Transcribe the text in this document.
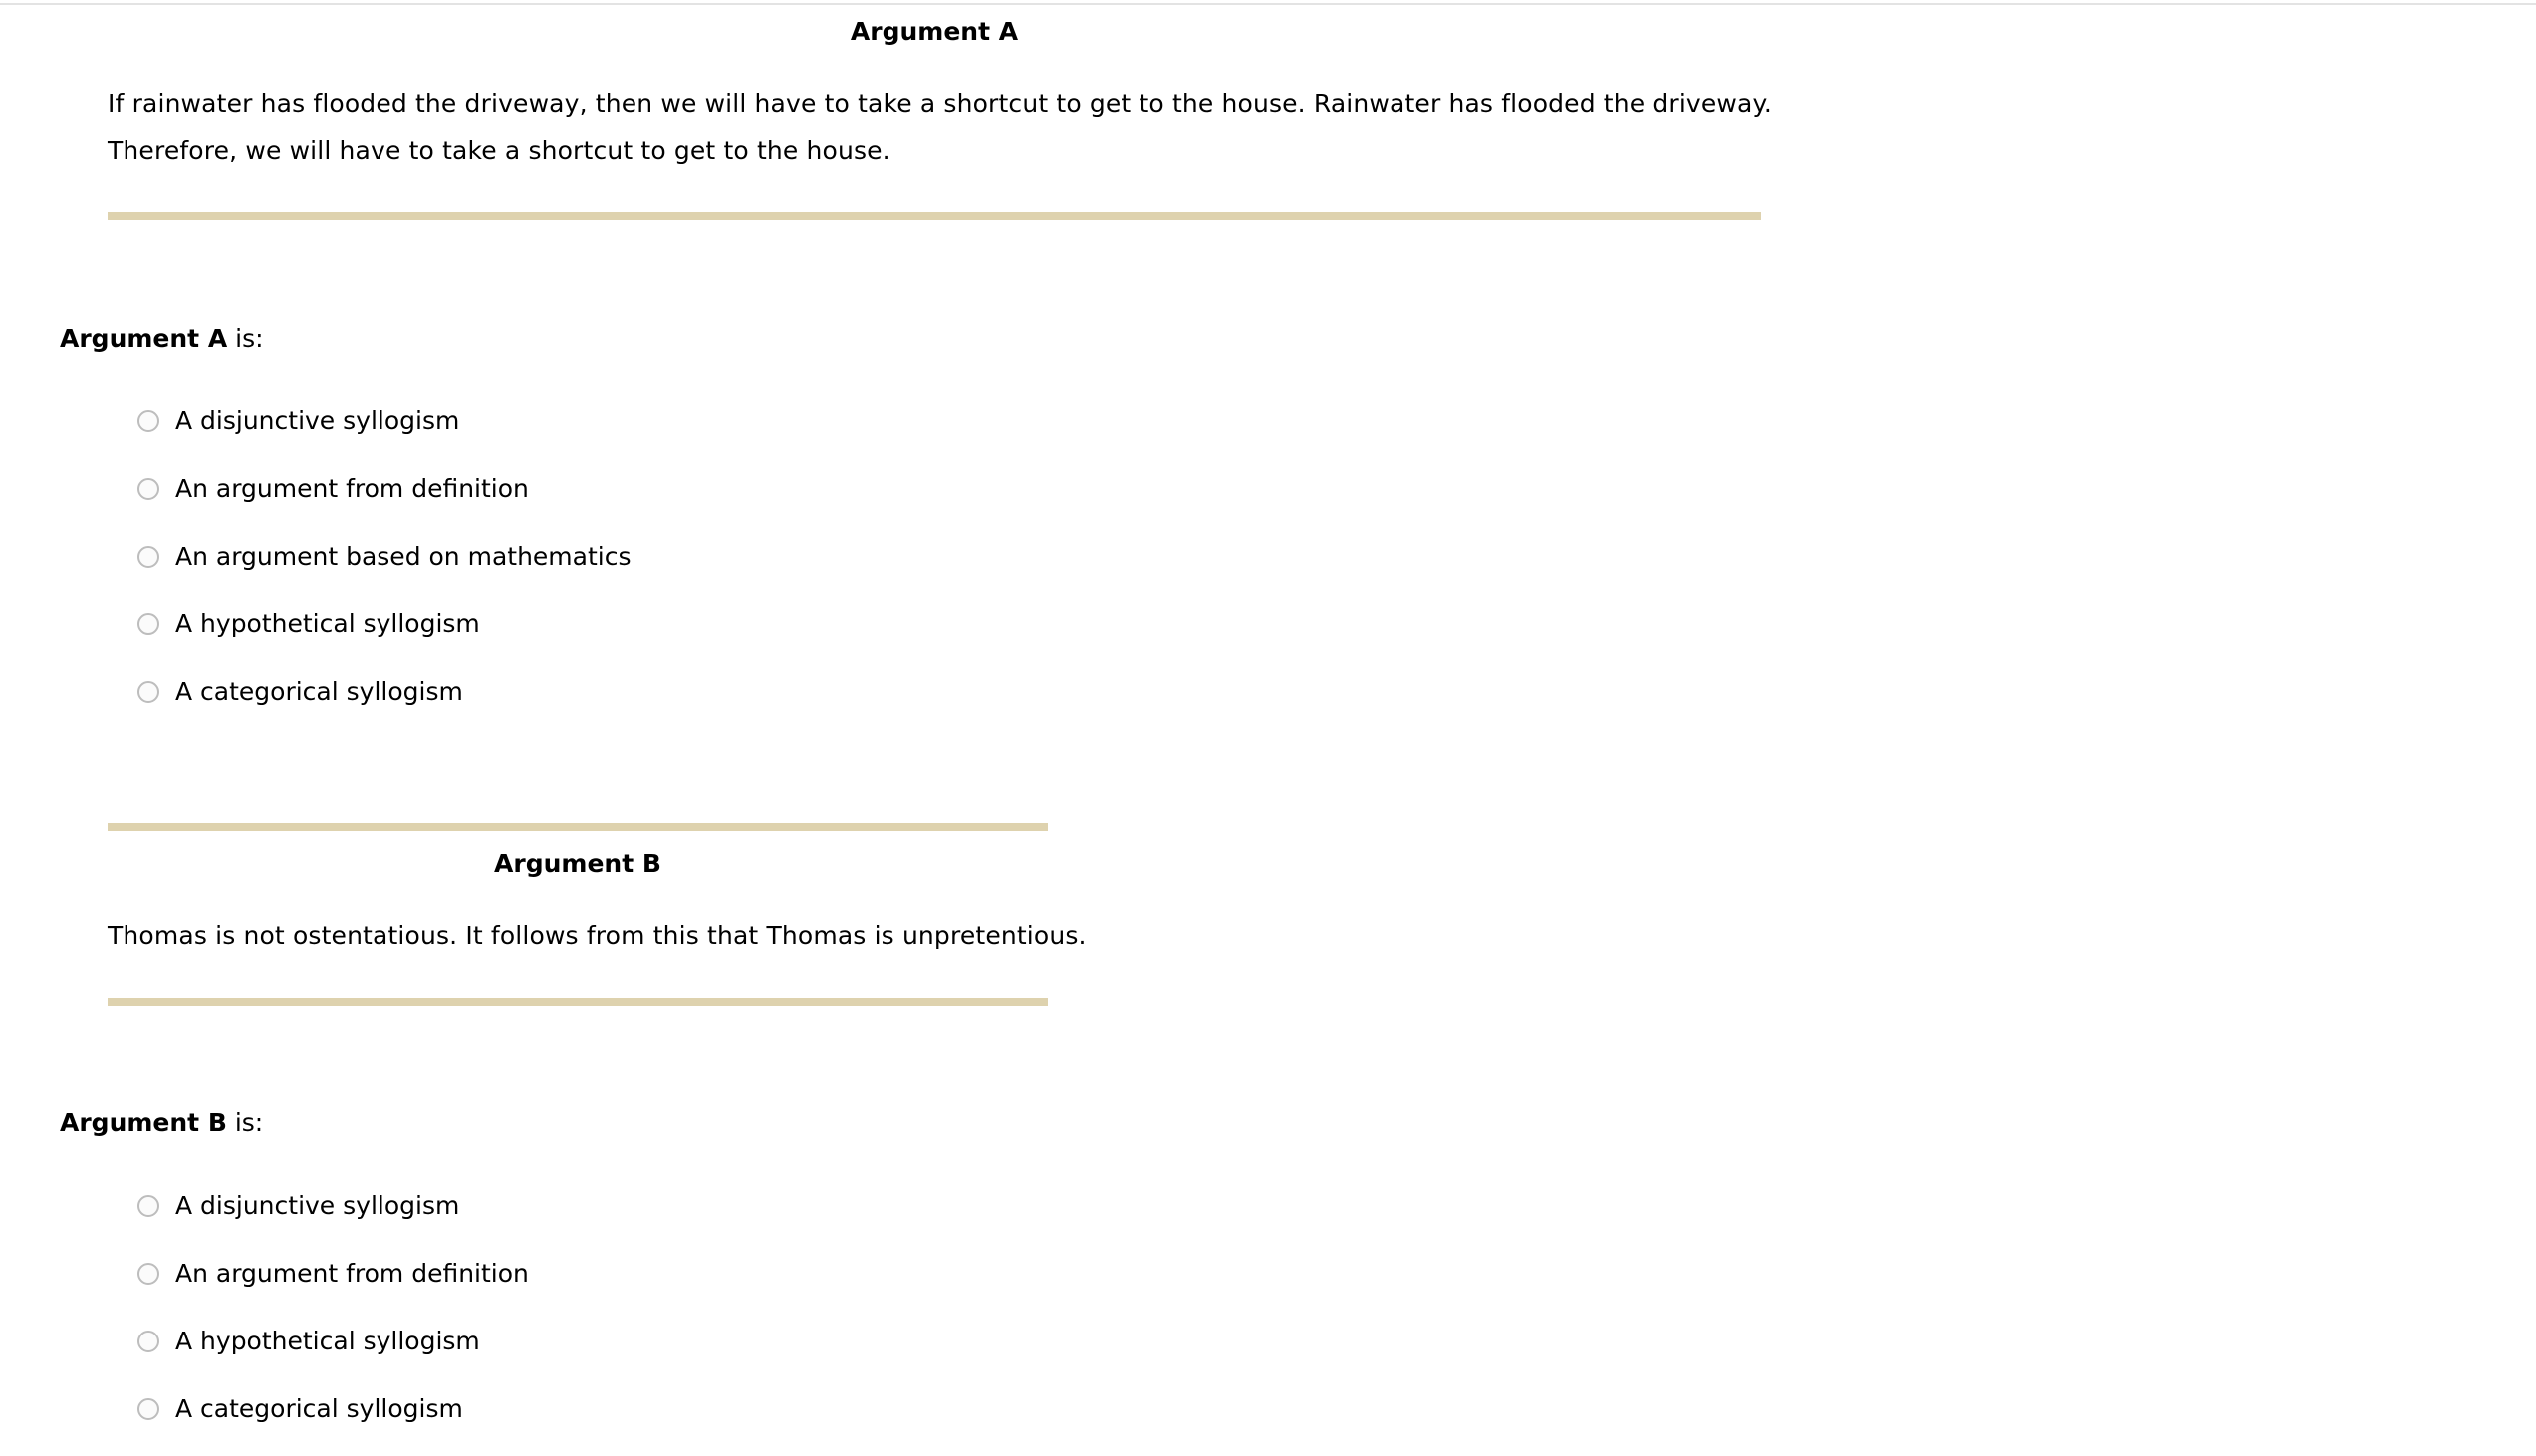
Argument A
If rainwater has flooded the driveway, then we will have to take a shortcut to get to the house. Rainwater has flooded the driveway.
Therefore, we will have to take a shortcut to get to the house.
Argument A is:
A disjunctive syllogism
An argument from definition
An argument based on mathematics
A hypothetical syllogism
A categorical syllogism
Argument B
Thomas is not ostentatious. It follows from this that Thomas is unpretentious.
Argument B is:
A disjunctive syllogism
An argument from definition
A hypothetical syllogism
A categorical syllogism
